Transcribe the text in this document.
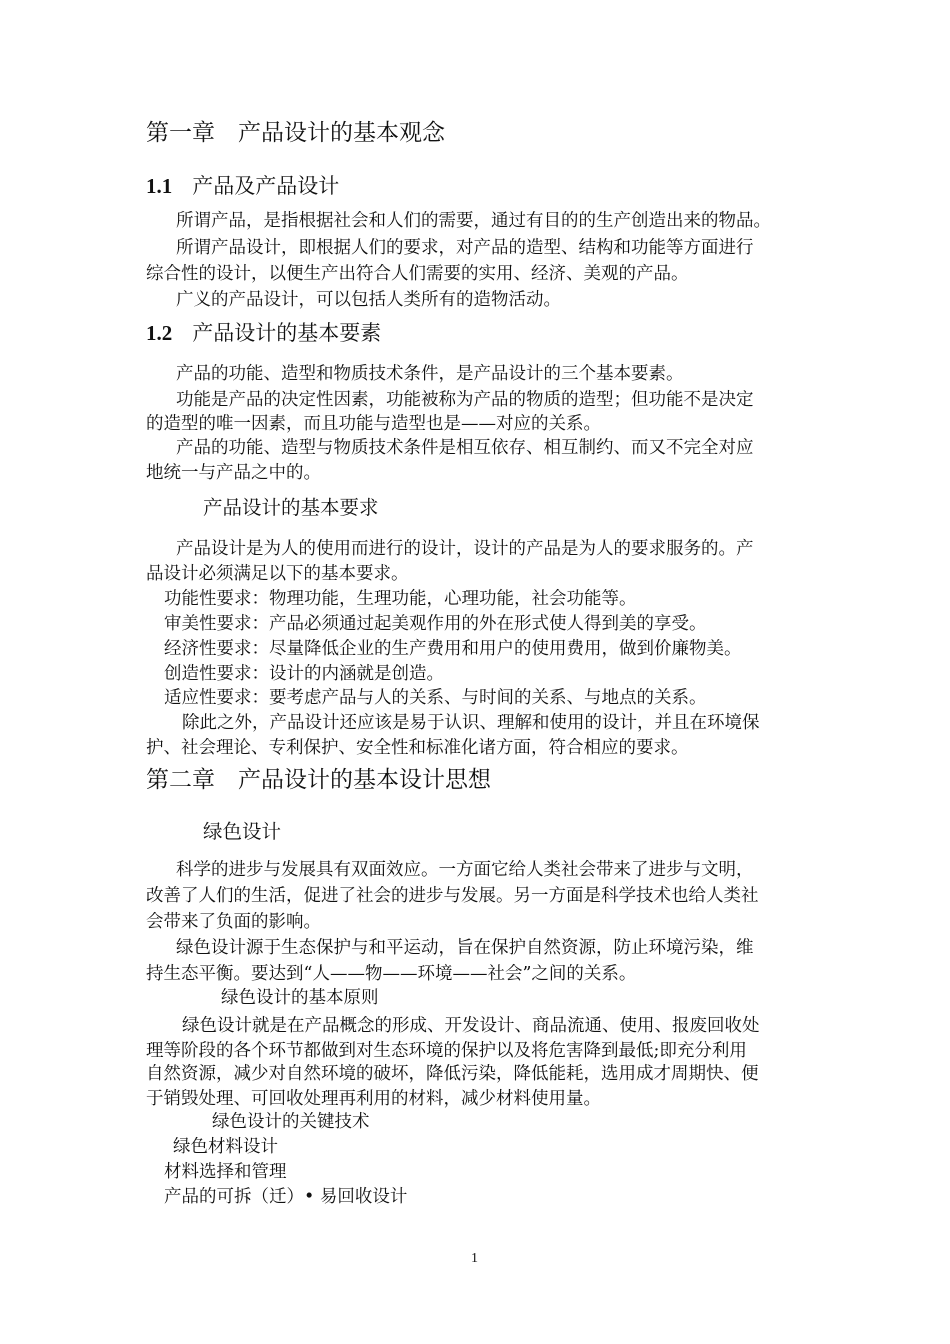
第一章　产品设计的基本观念
1.1 产品及产品设计
所谓产品，是指根据社会和人们的需要，通过有目的的生产创造出来的物品。
所谓产品设计，即根据人们的要求，对产品的造型、结构和功能等方面进行
综合性的设计，以便生产出符合人们需要的实用、经济、美观的产品。
广义的产品设计，可以包括人类所有的造物活动。
1.2 产品设计的基本要素
产品的功能、造型和物质技术条件，是产品设计的三个基本要素。
功能是产品的决定性因素，功能被称为产品的物质的造型；但功能不是决定
的造型的唯一因素，而且功能与造型也是——对应的关系。
产品的功能、造型与物质技术条件是相互依存、相互制约、而又不完全对应
地统一与产品之中的。
产品设计的基本要求
产品设计是为人的使用而进行的设计，设计的产品是为人的要求服务的。产
品设计必须满足以下的基本要求。
功能性要求：物理功能，生理功能，心理功能，社会功能等。
审美性要求：产品必须通过起美观作用的外在形式使人得到美的享受。
经济性要求：尽量降低企业的生产费用和用户的使用费用，做到价廉物美。
创造性要求：设计的内涵就是创造。
适应性要求：要考虑产品与人的关系、与时间的关系、与地点的关系。
除此之外，产品设计还应该是易于认识、理解和使用的设计，并且在环境保
护、社会理论、专利保护、安全性和标准化诸方面，符合相应的要求。
第二章　产品设计的基本设计思想
绿色设计
科学的进步与发展具有双面效应。一方面它给人类社会带来了进步与文明，
改善了人们的生活，促进了社会的进步与发展。另一方面是科学技术也给人类社
会带来了负面的影响。
绿色设计源于生态保护与和平运动，旨在保护自然资源，防止环境污染，维
持生态平衡。要达到“人——物——环境——社会”之间的关系。
绿色设计的基本原则
绿色设计就是在产品概念的形成、开发设计、商品流通、使用、报废回收处
理等阶段的各个环节都做到对生态环境的保护以及将危害降到最低;即充分利用
自然资源，减少对自然环境的破坏，降低污染，降低能耗，选用成才周期快、便
于销毁处理、可回收处理再利用的材料，减少材料使用量。
绿色设计的关键技术
绿色材料设计
材料选择和管理
产品的可拆（迁）• 易回收设计
1
